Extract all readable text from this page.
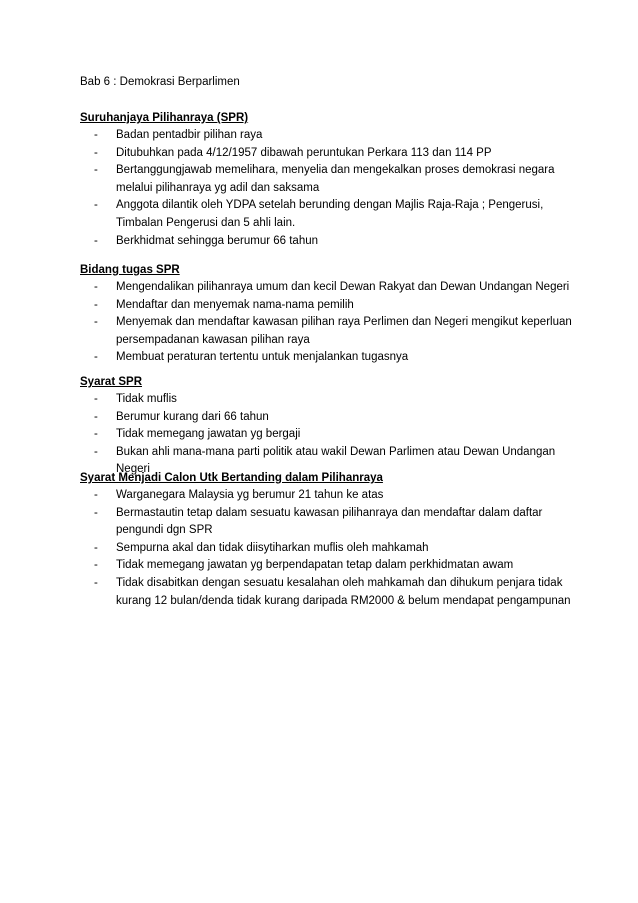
Bab 6 : Demokrasi Berparlimen
Suruhanjaya Pilihanraya (SPR)
- Badan pentadbir pilihan raya
- Ditubuhkan pada 4/12/1957 dibawah peruntukan Perkara 113 dan 114 PP
- Bertanggungjawab memelihara, menyelia dan mengekalkan proses demokrasi negara melalui pilihanraya yg adil dan saksama
- Anggota dilantik oleh YDPA setelah berunding dengan Majlis Raja-Raja ; Pengerusi, Timbalan Pengerusi dan 5 ahli lain.
- Berkhidmat sehingga berumur 66 tahun
Bidang tugas SPR
- Mengendalikan pilihanraya umum dan kecil Dewan Rakyat dan Dewan Undangan Negeri
- Mendaftar dan menyemak nama-nama pemilih
- Menyemak dan mendaftar kawasan pilihan raya Perlimen dan Negeri mengikut keperluan persempadanan kawasan pilihan raya
- Membuat peraturan tertentu untuk menjalankan tugasnya
Syarat SPR
- Tidak muflis
- Berumur kurang dari 66 tahun
- Tidak memegang jawatan yg bergaji
- Bukan ahli mana-mana parti politik atau wakil Dewan Parlimen atau Dewan Undangan Negeri
Syarat Menjadi Calon Utk Bertanding dalam Pilihanraya
- Warganegara Malaysia yg berumur 21 tahun ke atas
- Bermastautin tetap dalam sesuatu kawasan pilihanraya dan mendaftar dalam daftar pengundi dgn SPR
- Sempurna akal dan tidak diisytiharkan muflis oleh mahkamah
- Tidak memegang jawatan yg berpendapatan tetap dalam perkhidmatan awam
- Tidak disabitkan dengan sesuatu kesalahan oleh mahkamah dan dihukum penjara tidak kurang 12 bulan/denda tidak kurang daripada RM2000 & belum mendapat pengampunan
